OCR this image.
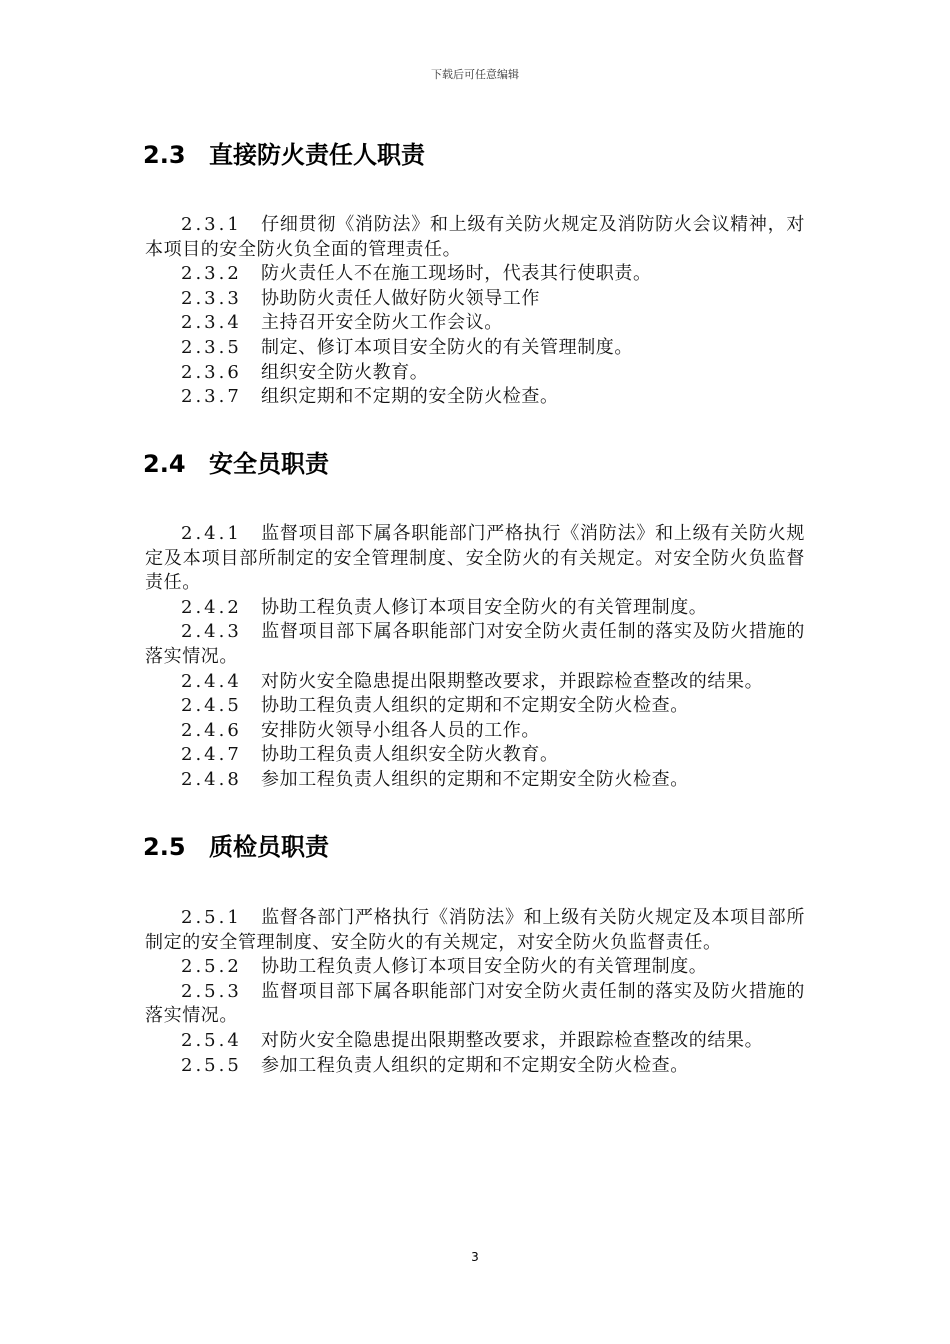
下载后可任意编辑
2.3 直接防火责任人职责

2.3.1 仔细贯彻《消防法》和上级有关防火规定及消防防火会议精神，对本项目的安全防火负全面的管理责任。

2.3.2 防火责任人不在施工现场时，代表其行使职责。

2.3.3 协助防火责任人做好防火领导工作

2.3.4 主持召开安全防火工作会议。

2.3.5 制定、修订本项目安全防火的有关管理制度。

2.3.6 组织安全防火教育。

2.3.7 组织定期和不定期的安全防火检查。

2.4 安全员职责

2.4.1 监督项目部下属各职能部门严格执行《消防法》和上级有关防火规定及本项目部所制定的安全管理制度、安全防火的有关规定。对安全防火负监督责任。

2.4.2 协助工程负责人修订本项目安全防火的有关管理制度。

2.4.3 监督项目部下属各职能部门对安全防火责任制的落实及防火措施的落实情况。

2.4.4 对防火安全隐患提出限期整改要求，并跟踪检查整改的结果。

2.4.5 协助工程负责人组织的定期和不定期安全防火检查。

2.4.6 安排防火领导小组各人员的工作。

2.4.7 协助工程负责人组织安全防火教育。

2.4.8 参加工程负责人组织的定期和不定期安全防火检查。

2.5 质检员职责

2.5.1 监督各部门严格执行《消防法》和上级有关防火规定及本项目部所制定的安全管理制度、安全防火的有关规定，对安全防火负监督责任。

2.5.2 协助工程负责人修订本项目安全防火的有关管理制度。

2.5.3 监督项目部下属各职能部门对安全防火责任制的落实及防火措施的落实情况。

2.5.4 对防火安全隐患提出限期整改要求，并跟踪检查整改的结果。

2.5.5 参加工程负责人组织的定期和不定期安全防火检查。

3
